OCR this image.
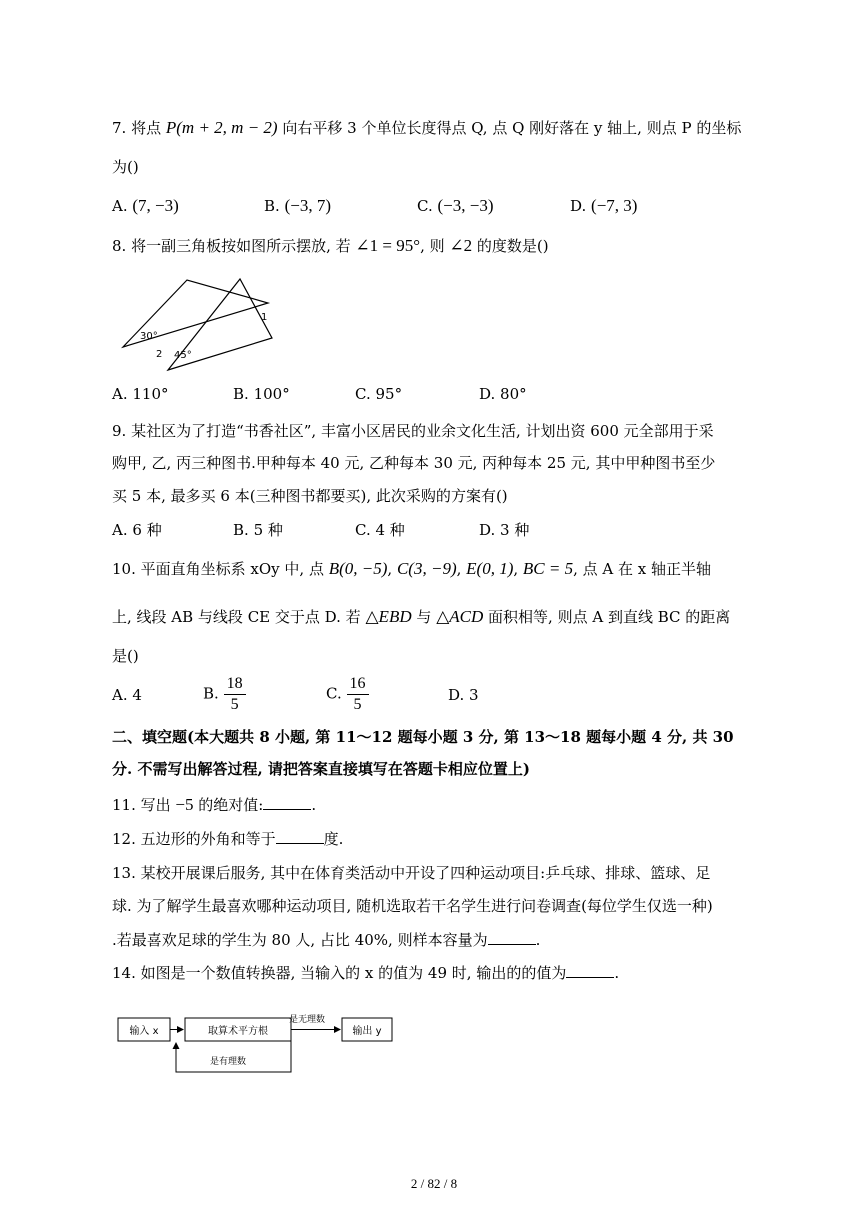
7. 将点 P(m + 2, m − 2) 向右平移 3 个单位长度得点 Q, 点 Q 刚好落在 y 轴上, 则点 P 的坐标
为()
A. (7, −3)	B. (−3, 7)	C. (−3, −3)	D. (−7, 3)
8. 将一副三角板按如图所示摆放, 若 ∠1 = 95°, 则 ∠2 的度数是()
30°
45°
1
2
A. 110°	B. 100°	C. 95°	D. 80°
9. 某社区为了打造“书香社区”, 丰富小区居民的业余文化生活, 计划出资 600 元全部用于采
购甲, 乙, 丙三种图书.甲种每本 40 元, 乙种每本 30 元, 丙种每本 25 元, 其中甲种图书至少
买 5 本, 最多买 6 本(三种图书都要买), 此次采购的方案有()
A. 6 种	B. 5 种	C. 4 种	D. 3 种
10. 平面直角坐标系 xOy 中, 点 B(0, −5), C(3, −9), E(0, 1), BC = 5, 点 A 在 x 轴正半轴
上, 线段 AB 与线段 CE 交于点 D. 若 △EBD 与 △ACD 面积相等, 则点 A 到直线 BC 的距离
是()
A. 4	B. $\frac{18}{5}$	C. $\frac{16}{5}$	D. 3
二、填空题(本大题共 8 小题, 第 11～12 题每小题 3 分, 第 13～18 题每小题 4 分, 共 30
分. 不需写出解答过程, 请把答案直接填写在答题卡相应位置上)
11. 写出 −5 的绝对值:	.
12. 五边形的外角和等于	度.
13. 某校开展课后服务, 其中在体育类活动中开设了四种运动项目:乒乓球、排球、篮球、足
球. 为了解学生最喜欢哪种运动项目, 随机选取若干名学生进行问卷调查(每位学生仅选一种)
.若最喜欢足球的学生为 80 人, 占比 40%, 则样本容量为	.
14. 如图是一个数值转换器, 当输入的 x 的值为 49 时, 输出的的值为	.
输入 x	取算术平方根
是无理数
输出 y
是有理数
2 / 82 / 8
